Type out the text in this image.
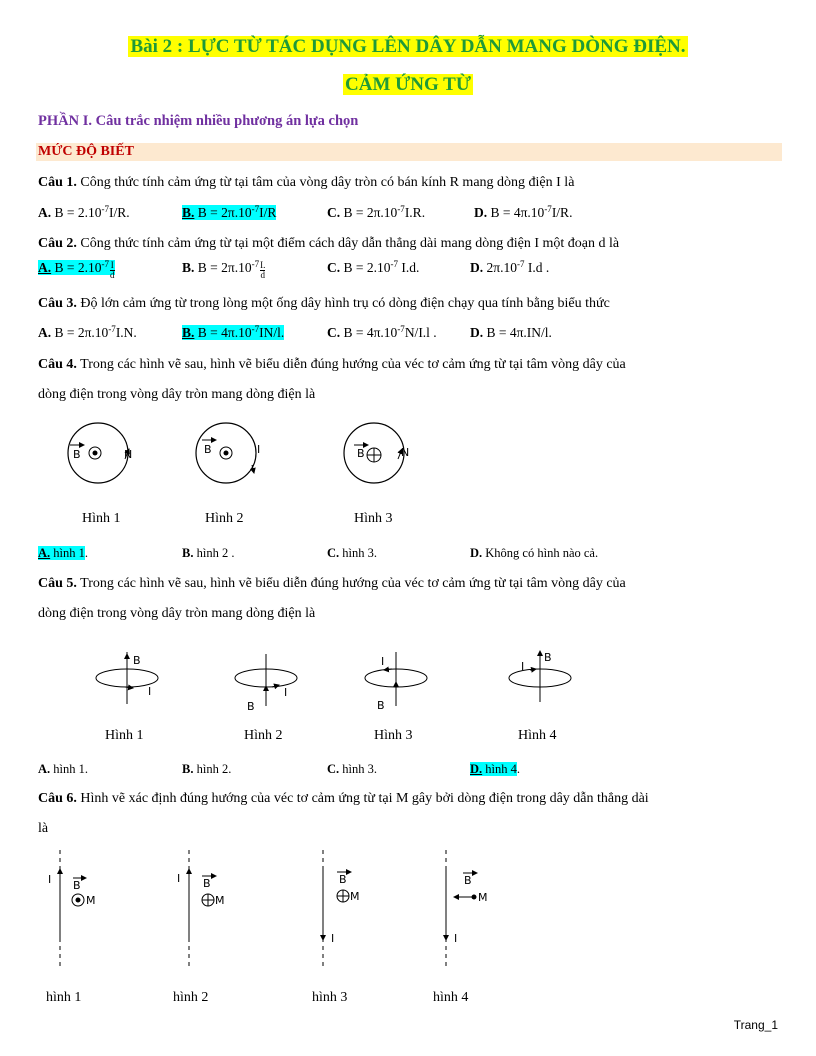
Bài 2 : LỰC TỪ TÁC DỤNG LÊN DÂY DẪN MANG DÒNG ĐIỆN.
CẢM ỨNG TỪ
PHẦN I. Câu trắc nhiệm nhiều phương án lựa chọn
MỨC ĐỘ BIẾT
Câu 1. Công thức tính cảm ứng từ tại tâm của vòng dây tròn có bán kính R mang dòng điện I là
A. $B = 2.10^{-7}I/R$.	B. $B = 2\pi.10^{-7}I/R$	C. $B = 2\pi.10^{-7}I.R$.	D. $B = 4\pi.10^{-7}I/R$.
Câu 2. Công thức tính cảm ứng từ tại một điểm cách dây dẫn thẳng dài mang dòng điện I một đoạn d là
A. $B = 2.10^{-7} \frac{I}{d}$	B. $B = 2\pi.10^{-7} \frac{I.}{d}$	C. $B = 2.10^{-7}$ I.d.	D. $2\pi.10^{-7}$ I.d .
Câu 3. Độ lớn cảm ứng từ trong lòng một ống dây hình trụ có dòng điện chạy qua tính bằng biểu thức
A. $B = 2\pi.10^{-7}I.N$.	B. $B = 4\pi.10^{-7}IN/l$.	C. $B = 4\pi.10^{-7}N/I.l$ . D. B = 4π.IN/l.
Câu 4. Trong các hình vẽ sau, hình vẽ biểu diễn đúng hướng của véc tơ cảm ứng từ tại tâm vòng dây của
dòng điện trong vòng dây tròn mang dòng điện là
B	N	B	I	B	N
Hình 1	Hình 2	Hình 3
A. hình 1.	B. hình 2 .	C. hình 3.	D. Không có hình nào cả.
Câu 5. Trong các hình vẽ sau, hình vẽ biểu diễn đúng hướng của véc tơ cảm ứng từ tại tâm vòng dây của
dòng điện trong vòng dây tròn mang dòng điện là
B
I
B
I
B
I	B
I
Hình 1	Hình 2	Hình 3	Hình 4
A. hình 1.	B. hình 2.	C. hình 3.	D. hình 4.
Câu 6. Hình vẽ xác định đúng hướng của véc tơ cảm ứng từ tại M gây bởi dòng điện trong dây dẫn thẳng dài
là
I B
M
I B
M
I
B
M
I
B
M
hình 1	hình 2	hình 3	hình 4
Trang_1
